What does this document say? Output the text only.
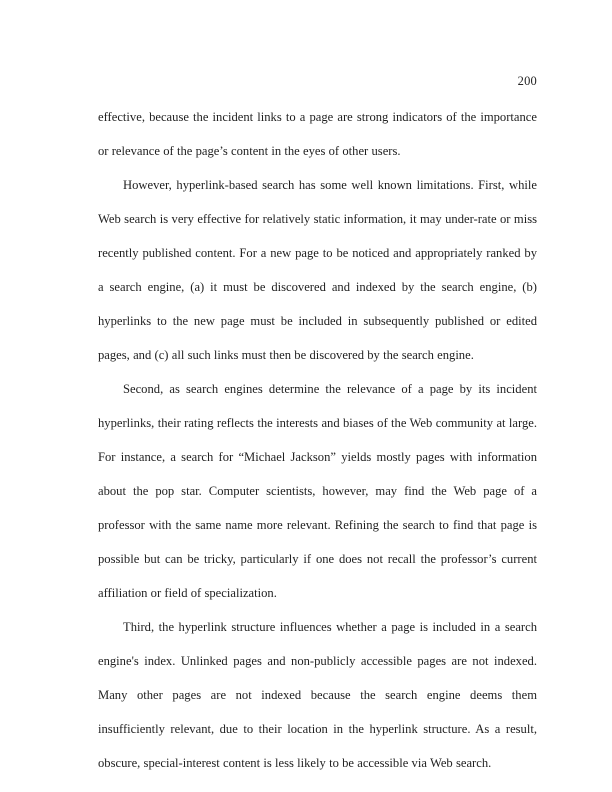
200

effective, because the incident links to a page are strong indicators of the importance or relevance of the page’s content in the eyes of other users.

However, hyperlink-based search has some well known limitations. First, while Web search is very effective for relatively static information, it may under-rate or miss recently published content. For a new page to be noticed and appropriately ranked by a search engine, (a) it must be discovered and indexed by the search engine, (b) hyperlinks to the new page must be included in subsequently published or edited pages, and (c) all such links must then be discovered by the search engine.

Second, as search engines determine the relevance of a page by its incident hyperlinks, their rating reflects the interests and biases of the Web community at large. For instance, a search for “Michael Jackson” yields mostly pages with information about the pop star. Computer scientists, however, may find the Web page of a professor with the same name more relevant. Refining the search to find that page is possible but can be tricky, particularly if one does not recall the professor’s current affiliation or field of specialization.

Third, the hyperlink structure influences whether a page is included in a search engine's index. Unlinked pages and non-publicly accessible pages are not indexed. Many other pages are not indexed because the search engine deems them insufficiently relevant, due to their location in the hyperlink structure. As a result, obscure, special-interest content is less likely to be accessible via Web search.
